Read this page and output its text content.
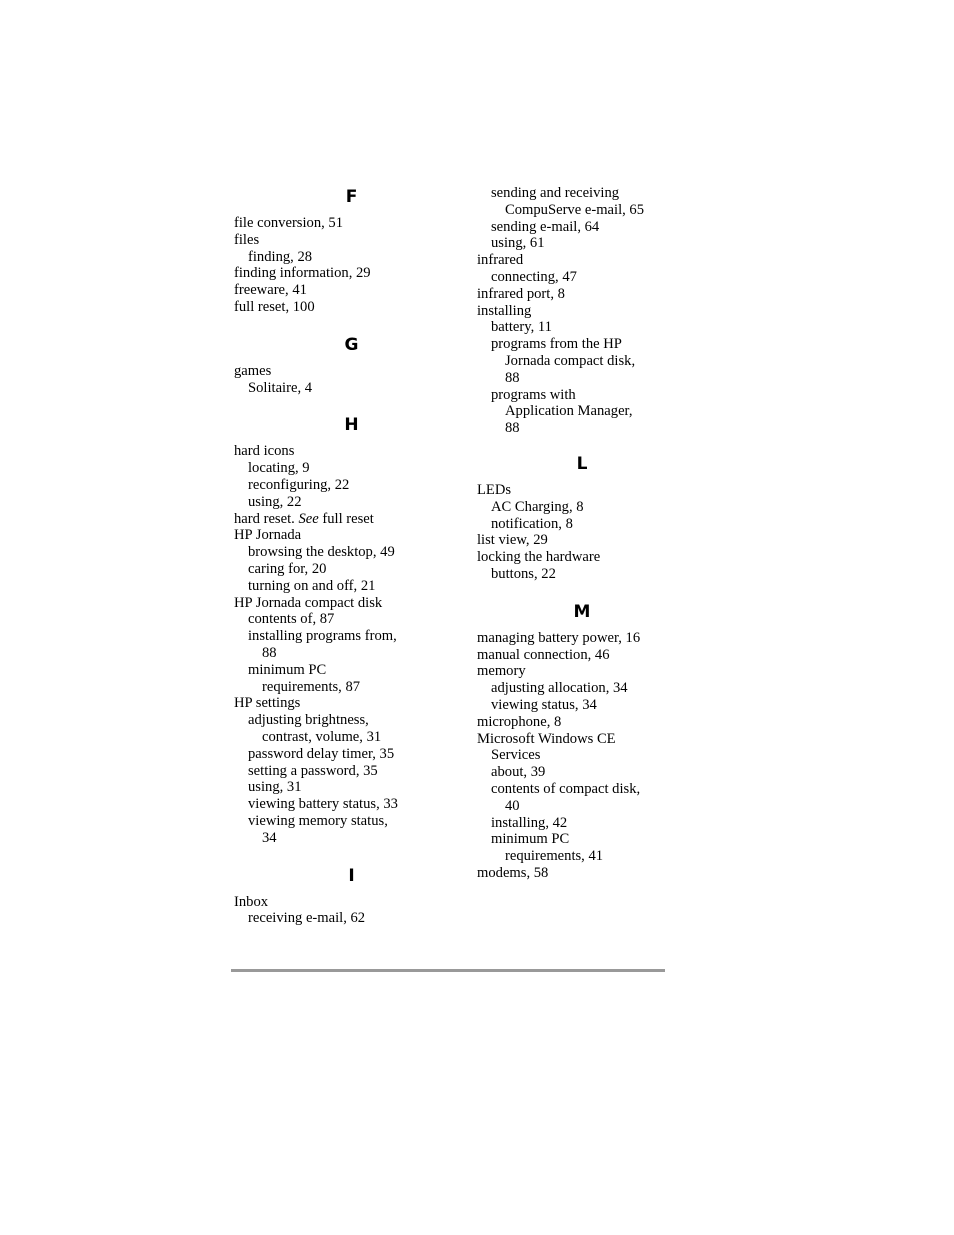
F
file conversion, 51
files
finding, 28
finding information, 29
freeware, 41
full reset, 100
G
games
Solitaire, 4
H
hard icons
locating, 9
reconfiguring, 22
using, 22
hard reset. See full reset
HP Jornada
browsing the desktop, 49
caring for, 20
turning on and off, 21
HP Jornada compact disk
contents of, 87
installing programs from,
88
minimum PC
requirements, 87
HP settings
adjusting brightness,
contrast, volume, 31
password delay timer, 35
setting a password, 35
using, 31
viewing battery status, 33
viewing memory status,
34
I
Inbox
receiving e-mail, 62
sending and receiving
CompuServe e-mail, 65
sending e-mail, 64
using, 61
infrared
connecting, 47
infrared port, 8
installing
battery, 11
programs from the HP
Jornada compact disk,
88
programs with
Application Manager,
88
L
LEDs
AC Charging, 8
notification, 8
list view, 29
locking the hardware
buttons, 22
M
managing battery power, 16
manual connection, 46
memory
adjusting allocation, 34
viewing status, 34
microphone, 8
Microsoft Windows CE
Services
about, 39
contents of compact disk,
40
installing, 42
minimum PC
requirements, 41
modems, 58
